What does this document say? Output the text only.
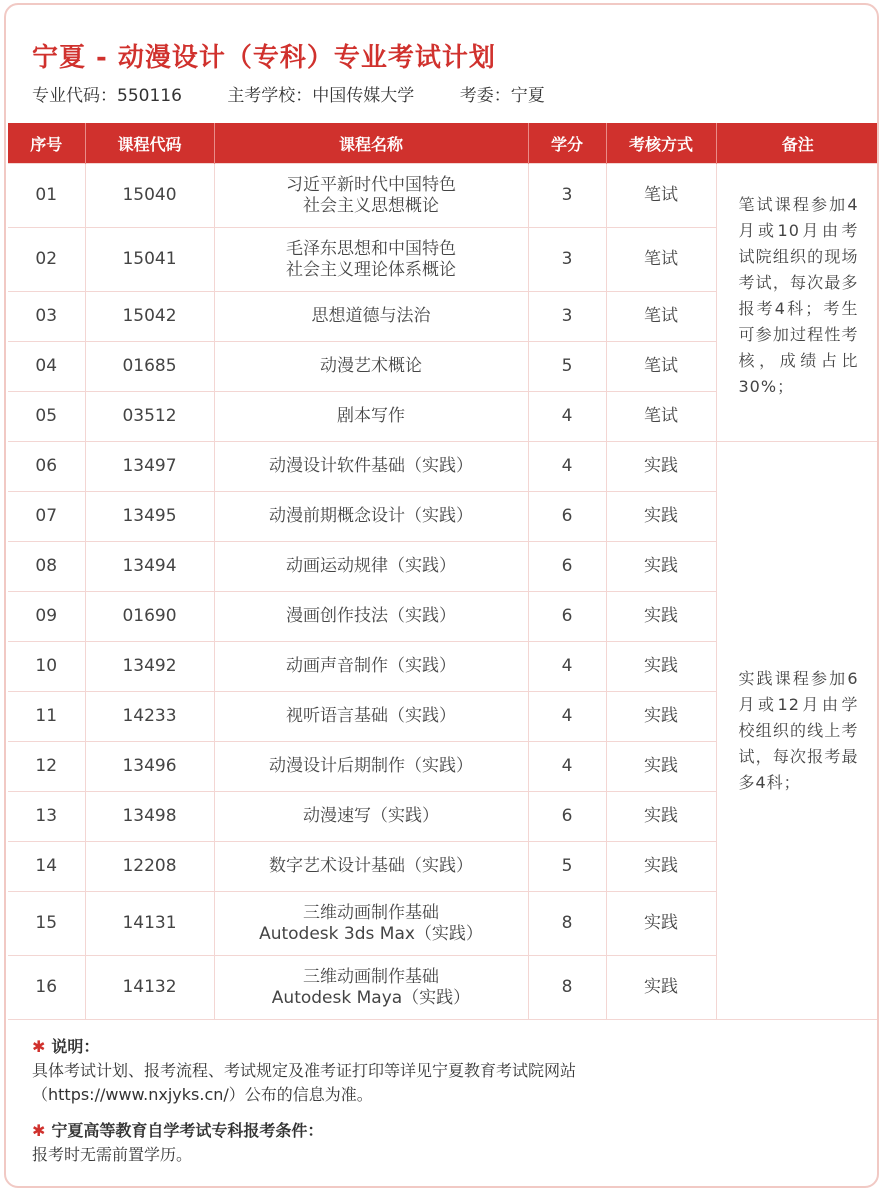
宁夏 - 动漫设计（专科）专业考试计划
专业代码：550116	主考学校：中国传媒大学	考委：宁夏
序号	课程代码	课程名称	学分	考核方式	备注
01	15040	习近平新时代中国特色
社会主义思想概论	3	笔试	笔试课程参加4月或10月由考试院组织的现场考试，每次最多报考4科；考生可参加过程性考核，成绩占比30%；
02	15041	毛泽东思想和中国特色
社会主义理论体系概论	3	笔试	
03	15042	思想道德与法治	3	笔试	
04	01685	动漫艺术概论	5	笔试	
05	03512	剧本写作	4	笔试	
06	13497	动漫设计软件基础（实践）	4	实践	实践课程参加6月或12月由学校组织的线上考试，每次报考最多4科；
07	13495	动漫前期概念设计（实践）	6	实践	
08	13494	动画运动规律（实践）	6	实践	
09	01690	漫画创作技法（实践）	6	实践	
10	13492	动画声音制作（实践）	4	实践	
11	14233	视听语言基础（实践）	4	实践	
12	13496	动漫设计后期制作（实践）	4	实践	
13	13498	动漫速写（实践）	6	实践	
14	12208	数字艺术设计基础（实践）	5	实践	
15	14131	三维动画制作基础
Autodesk 3ds Max（实践）	8	实践	
16	14132	三维动画制作基础
Autodesk Maya（实践）	8	实践	
✱ 说明：
具体考试计划、报考流程、考试规定及准考证打印等详见宁夏教育考试院网站
（https://www.nxjyks.cn/）公布的信息为准。
✱ 宁夏高等教育自学考试专科报考条件：
报考时无需前置学历。
